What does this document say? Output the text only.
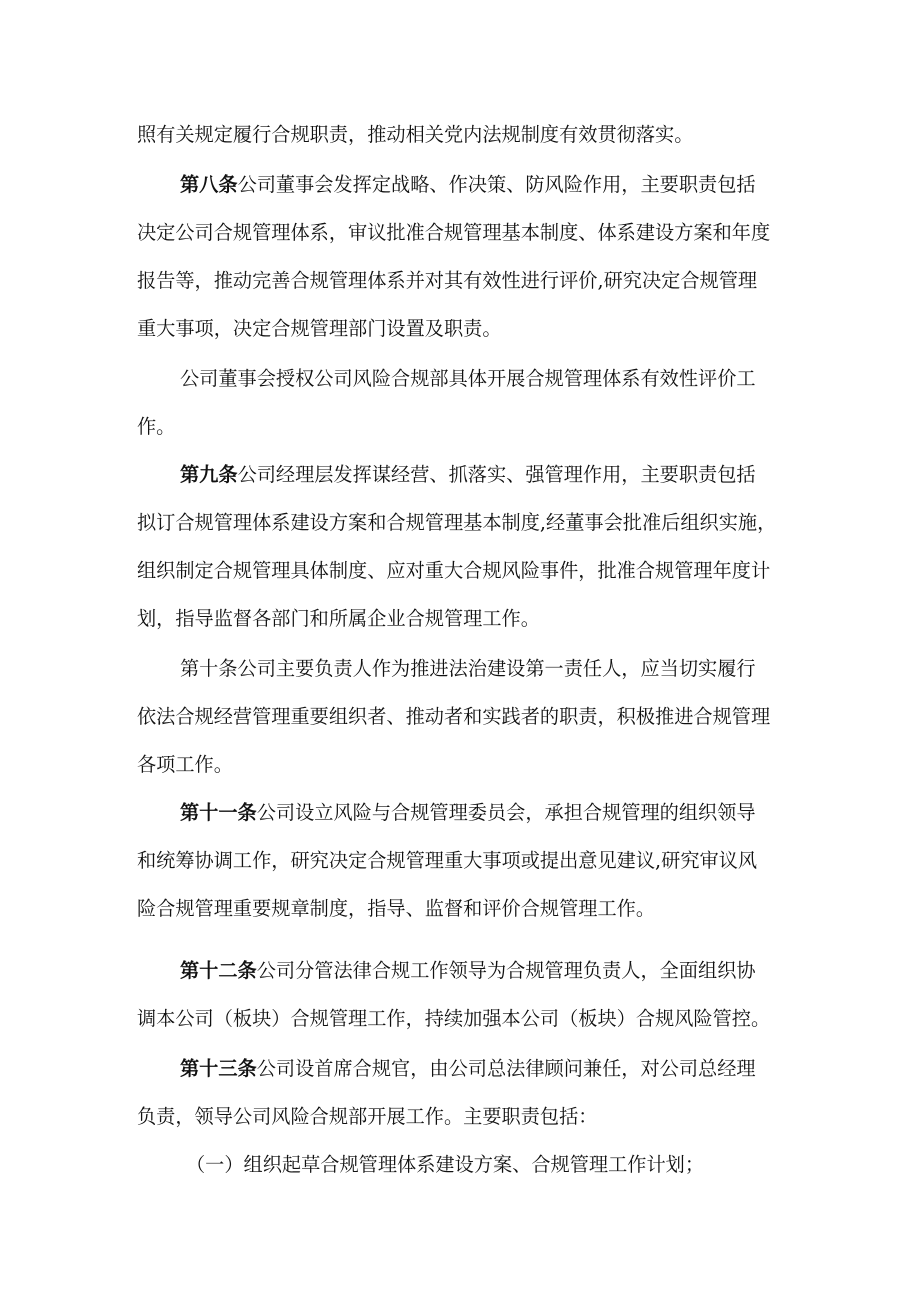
照有关规定履行合规职责，推动相关党内法规制度有效贯彻落实。
第八条公司董事会发挥定战略、作决策、防风险作用，主要职责包括
决定公司合规管理体系，审议批准合规管理基本制度、体系建设方案和年度
报告等，推动完善合规管理体系并对其有效性进行评价,研究决定合规管理
重大事项，决定合规管理部门设置及职责。
公司董事会授权公司风险合规部具体开展合规管理体系有效性评价工
作。
第九条公司经理层发挥谋经营、抓落实、强管理作用，主要职责包括
拟订合规管理体系建设方案和合规管理基本制度,经董事会批准后组织实施，
组织制定合规管理具体制度、应对重大合规风险事件，批准合规管理年度计
划，指导监督各部门和所属企业合规管理工作。
第十条公司主要负责人作为推进法治建设第一责任人，应当切实履行
依法合规经营管理重要组织者、推动者和实践者的职责，积极推进合规管理
各项工作。
第十一条公司设立风险与合规管理委员会，承担合规管理的组织领导
和统筹协调工作，研究决定合规管理重大事项或提出意见建议,研究审议风
险合规管理重要规章制度，指导、监督和评价合规管理工作。
第十二条公司分管法律合规工作领导为合规管理负责人，全面组织协
调本公司（板块）合规管理工作，持续加强本公司（板块）合规风险管控。
第十三条公司设首席合规官，由公司总法律顾问兼任，对公司总经理
负责，领导公司风险合规部开展工作。主要职责包括：
（一）组织起草合规管理体系建设方案、合规管理工作计划；
